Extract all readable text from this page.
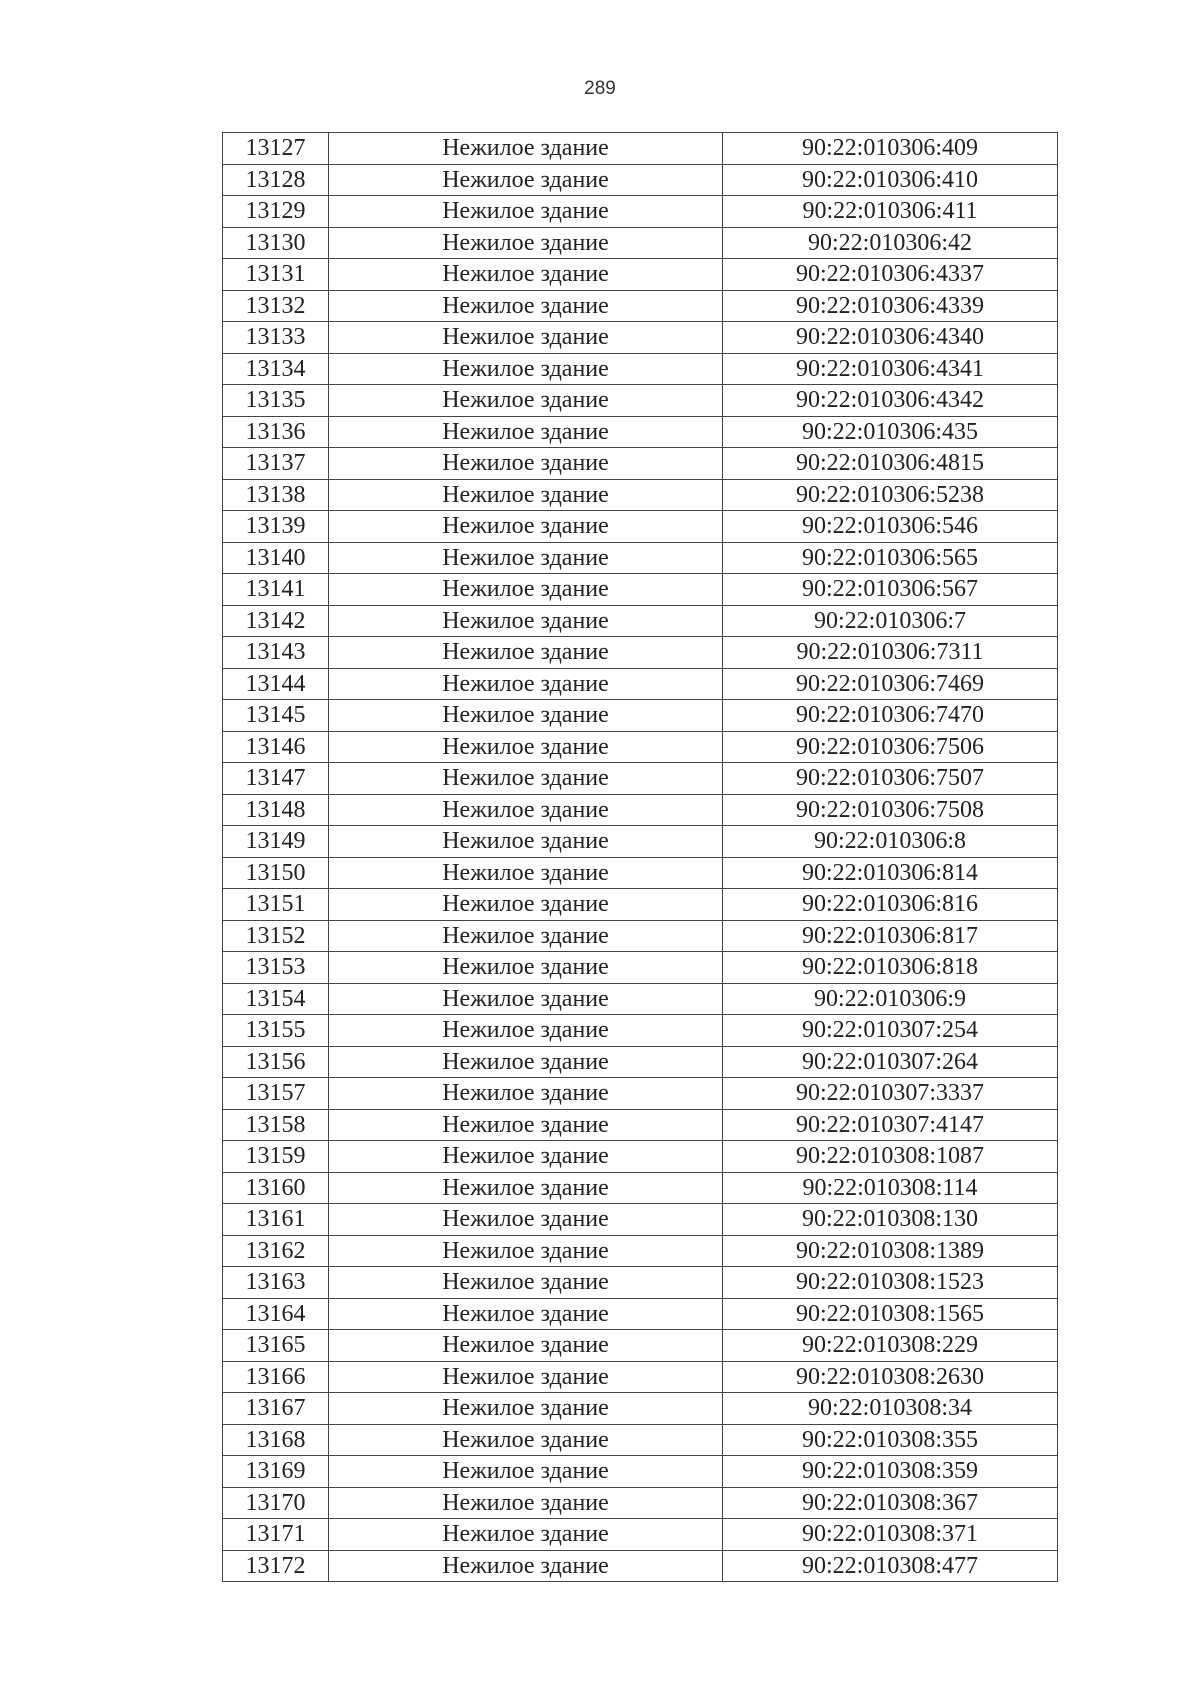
289
13127	Нежилое здание	90:22:010306:409
13128	Нежилое здание	90:22:010306:410
13129	Нежилое здание	90:22:010306:411
13130	Нежилое здание	90:22:010306:42
13131	Нежилое здание	90:22:010306:4337
13132	Нежилое здание	90:22:010306:4339
13133	Нежилое здание	90:22:010306:4340
13134	Нежилое здание	90:22:010306:4341
13135	Нежилое здание	90:22:010306:4342
13136	Нежилое здание	90:22:010306:435
13137	Нежилое здание	90:22:010306:4815
13138	Нежилое здание	90:22:010306:5238
13139	Нежилое здание	90:22:010306:546
13140	Нежилое здание	90:22:010306:565
13141	Нежилое здание	90:22:010306:567
13142	Нежилое здание	90:22:010306:7
13143	Нежилое здание	90:22:010306:7311
13144	Нежилое здание	90:22:010306:7469
13145	Нежилое здание	90:22:010306:7470
13146	Нежилое здание	90:22:010306:7506
13147	Нежилое здание	90:22:010306:7507
13148	Нежилое здание	90:22:010306:7508
13149	Нежилое здание	90:22:010306:8
13150	Нежилое здание	90:22:010306:814
13151	Нежилое здание	90:22:010306:816
13152	Нежилое здание	90:22:010306:817
13153	Нежилое здание	90:22:010306:818
13154	Нежилое здание	90:22:010306:9
13155	Нежилое здание	90:22:010307:254
13156	Нежилое здание	90:22:010307:264
13157	Нежилое здание	90:22:010307:3337
13158	Нежилое здание	90:22:010307:4147
13159	Нежилое здание	90:22:010308:1087
13160	Нежилое здание	90:22:010308:114
13161	Нежилое здание	90:22:010308:130
13162	Нежилое здание	90:22:010308:1389
13163	Нежилое здание	90:22:010308:1523
13164	Нежилое здание	90:22:010308:1565
13165	Нежилое здание	90:22:010308:229
13166	Нежилое здание	90:22:010308:2630
13167	Нежилое здание	90:22:010308:34
13168	Нежилое здание	90:22:010308:355
13169	Нежилое здание	90:22:010308:359
13170	Нежилое здание	90:22:010308:367
13171	Нежилое здание	90:22:010308:371
13172	Нежилое здание	90:22:010308:477
